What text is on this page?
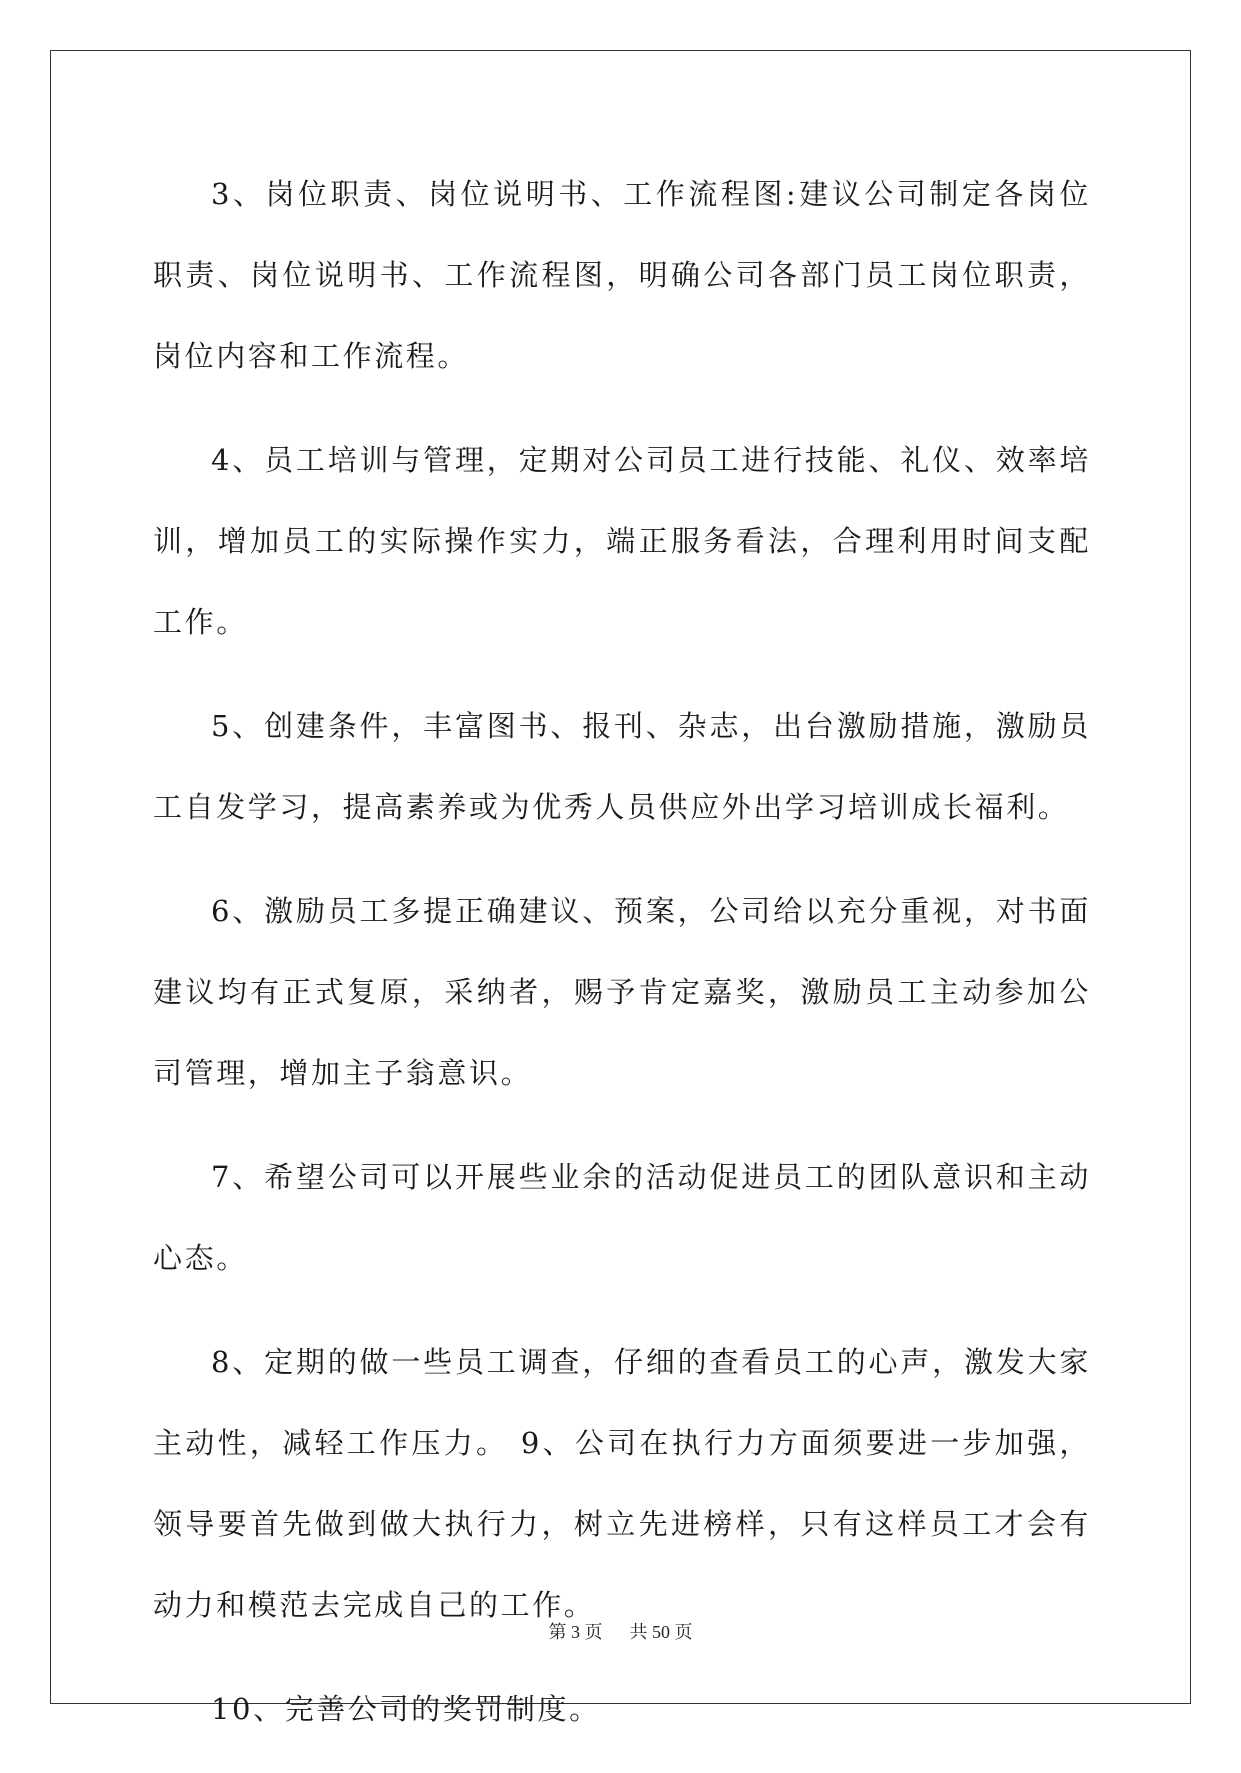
3、岗位职责、岗位说明书、工作流程图:建议公司制定各岗位职责、岗位说明书、工作流程图，明确公司各部门员工岗位职责，岗位内容和工作流程。

4、员工培训与管理，定期对公司员工进行技能、礼仪、效率培训，增加员工的实际操作实力，端正服务看法，合理利用时间支配工作。

5、创建条件，丰富图书、报刊、杂志，出台激励措施，激励员工自发学习，提高素养或为优秀人员供应外出学习培训成长福利。

6、激励员工多提正确建议、预案，公司给以充分重视，对书面建议均有正式复原，采纳者，赐予肯定嘉奖，激励员工主动参加公司管理，增加主子翁意识。

7、希望公司可以开展些业余的活动促进员工的团队意识和主动心态。

8、定期的做一些员工调查，仔细的查看员工的心声，激发大家主动性，减轻工作压力。 9、公司在执行力方面须要进一步加强，领导要首先做到做大执行力，树立先进榜样，只有这样员工才会有动力和模范去完成自己的工作。

10、完善公司的奖罚制度。

第 3 页 共 50 页
